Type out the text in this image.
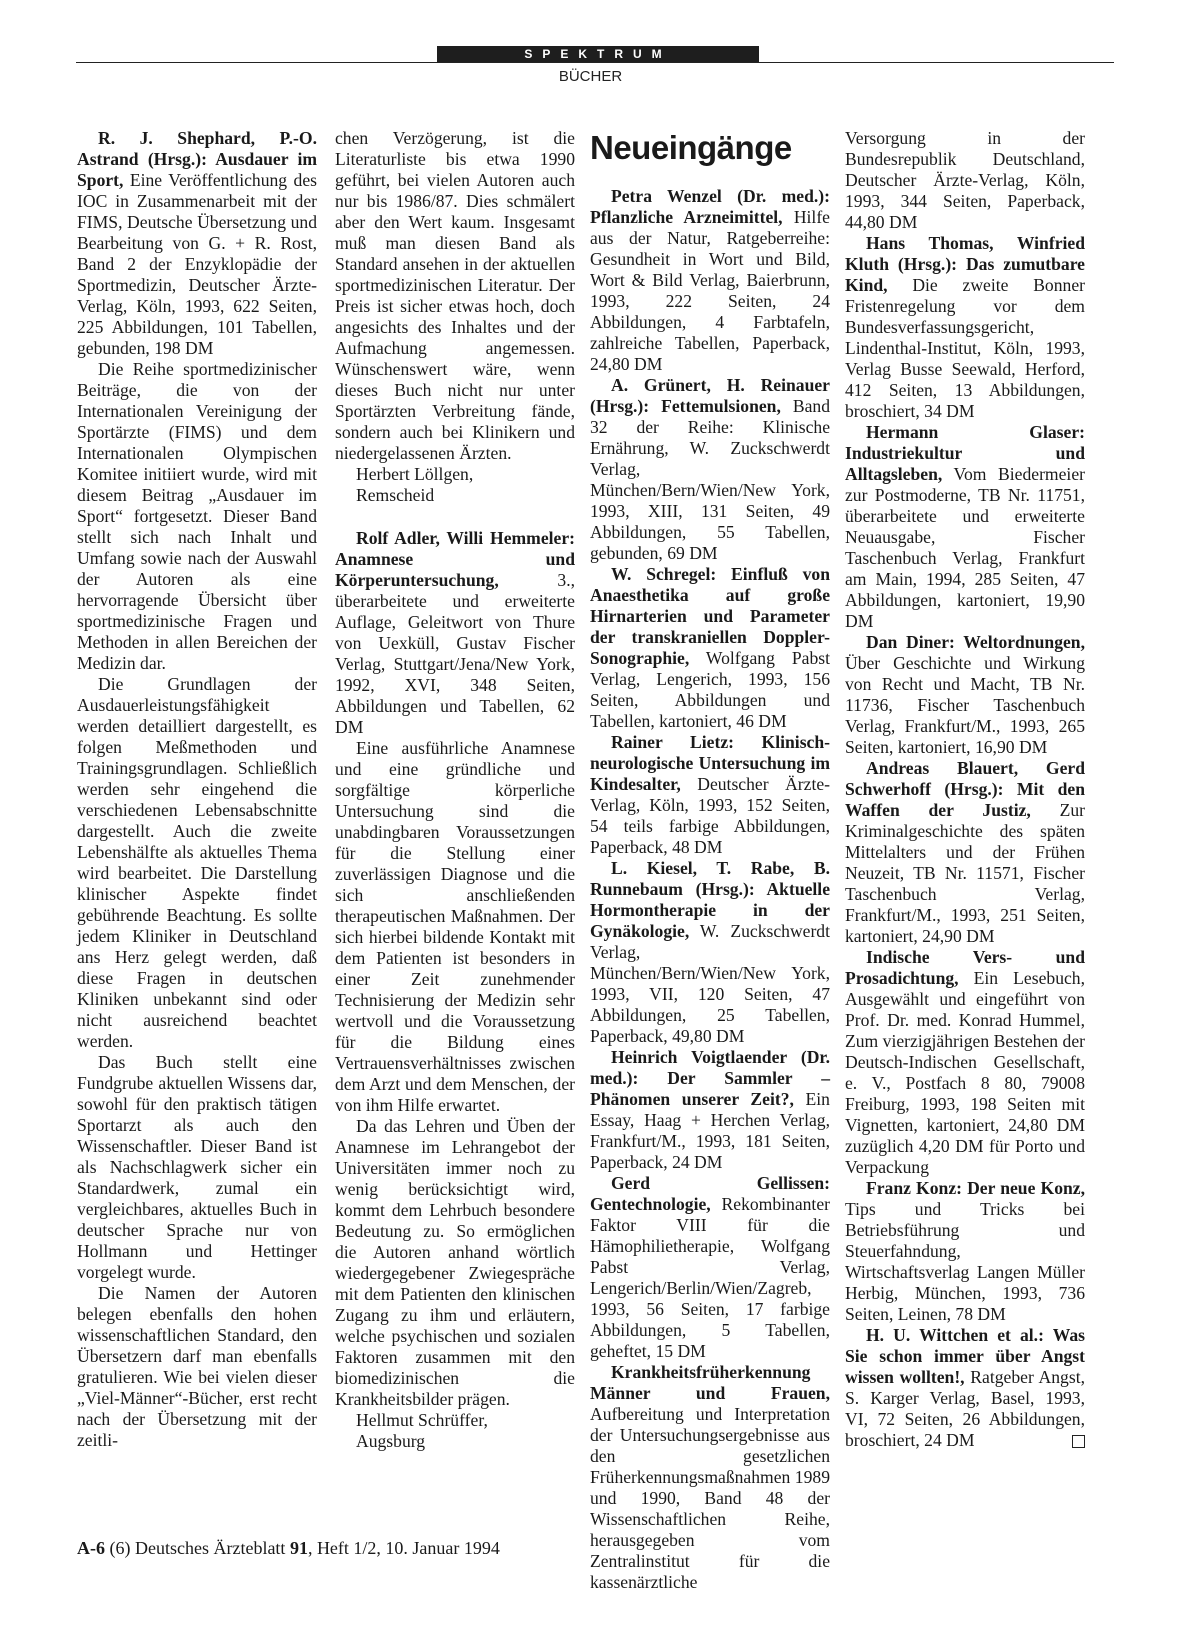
SPEKTRUM
BÜCHER

R. J. Shephard, P.-O. Astrand (Hrsg.): Ausdauer im Sport, Eine Veröffentlichung des IOC in Zusammenarbeit mit der FIMS, Deutsche Übersetzung und Bearbeitung von G. + R. Rost, Band 2 der Enzyklopädie der Sportmedizin, Deutscher Ärzte-Verlag, Köln, 1993, 622 Seiten, 225 Abbildungen, 101 Tabellen, gebunden, 198 DM

Die Reihe sportmedizinischer Beiträge, die von der Internationalen Vereinigung der Sportärzte (FIMS) und dem Internationalen Olympischen Komitee initiiert wurde, wird mit diesem Beitrag „Ausdauer im Sport“ fortgesetzt. Dieser Band stellt sich nach Inhalt und Umfang sowie nach der Auswahl der Autoren als eine hervorragende Übersicht über sportmedizinische Fragen und Methoden in allen Bereichen der Medizin dar.

Die Grundlagen der Ausdauerleistungsfähigkeit werden detailliert dargestellt, es folgen Meßmethoden und Trainingsgrundlagen. Schließlich werden sehr eingehend die verschiedenen Lebensabschnitte dargestellt. Auch die zweite Lebenshälfte als aktuelles Thema wird bearbeitet. Die Darstellung klinischer Aspekte findet gebührende Beachtung. Es sollte jedem Kliniker in Deutschland ans Herz gelegt werden, daß diese Fragen in deutschen Kliniken unbekannt sind oder nicht ausreichend beachtet werden.

Das Buch stellt eine Fundgrube aktuellen Wissens dar, sowohl für den praktisch tätigen Sportarzt als auch den Wissenschaftler. Dieser Band ist als Nachschlagwerk sicher ein Standardwerk, zumal ein vergleichbares, aktuelles Buch in deutscher Sprache nur von Hollmann und Hettinger vorgelegt wurde.

Die Namen der Autoren belegen ebenfalls den hohen wissenschaftlichen Standard, den Übersetzern darf man ebenfalls gratulieren. Wie bei vielen dieser „Viel-Männer“-Bücher, erst recht nach der Übersetzung mit der zeitli-

chen Verzögerung, ist die Literaturliste bis etwa 1990 geführt, bei vielen Autoren auch nur bis 1986/87. Dies schmälert aber den Wert kaum. Insgesamt muß man diesen Band als Standard ansehen in der aktuellen sportmedizinischen Literatur. Der Preis ist sicher etwas hoch, doch angesichts des Inhaltes und der Aufmachung angemessen. Wünschenswert wäre, wenn dieses Buch nicht nur unter Sportärzten Verbreitung fände, sondern auch bei Klinikern und niedergelassenen Ärzten.

Herbert Löllgen,

Remscheid

Rolf Adler, Willi Hemmeler: Anamnese und Körperuntersuchung, 3., überarbeitete und erweiterte Auflage, Geleitwort von Thure von Uexküll, Gustav Fischer Verlag, Stuttgart/Jena/New York, 1992, XVI, 348 Seiten, Abbildungen und Tabellen, 62 DM

Eine ausführliche Anamnese und eine gründliche und sorgfältige körperliche Untersuchung sind die unabdingbaren Voraussetzungen für die Stellung einer zuverlässigen Diagnose und die sich anschließenden therapeutischen Maßnahmen. Der sich hierbei bildende Kontakt mit dem Patienten ist besonders in einer Zeit zunehmender Technisierung der Medizin sehr wertvoll und die Voraussetzung für die Bildung eines Vertrauensverhältnisses zwischen dem Arzt und dem Menschen, der von ihm Hilfe erwartet.

Da das Lehren und Üben der Anamnese im Lehrangebot der Universitäten immer noch zu wenig berücksichtigt wird, kommt dem Lehrbuch besondere Bedeutung zu. So ermöglichen die Autoren anhand wörtlich wiedergegebener Zwiegespräche mit dem Patienten den klinischen Zugang zu ihm und erläutern, welche psychischen und sozialen Faktoren zusammen mit den biomedizinischen die Krankheitsbilder prägen.

Hellmut Schrüffer,

Augsburg

Neueingänge

Petra Wenzel (Dr. med.): Pflanzliche Arzneimittel, Hilfe aus der Natur, Ratgeberreihe: Gesundheit in Wort und Bild, Wort & Bild Verlag, Baierbrunn, 1993, 222 Seiten, 24 Abbildungen, 4 Farbtafeln, zahlreiche Tabellen, Paperback, 24,80 DM

A. Grünert, H. Reinauer (Hrsg.): Fettemulsionen, Band 32 der Reihe: Klinische Ernährung, W. Zuckschwerdt Verlag, München/Bern/Wien/New York, 1993, XIII, 131 Seiten, 49 Abbildungen, 55 Tabellen, gebunden, 69 DM

W. Schregel: Einfluß von Anaesthetika auf große Hirnarterien und Parameter der transkraniellen Doppler-Sonographie, Wolfgang Pabst Verlag, Lengerich, 1993, 156 Seiten, Abbildungen und Tabellen, kartoniert, 46 DM

Rainer Lietz: Klinisch-neurologische Untersuchung im Kindesalter, Deutscher Ärzte-Verlag, Köln, 1993, 152 Seiten, 54 teils farbige Abbildungen, Paperback, 48 DM

L. Kiesel, T. Rabe, B. Runnebaum (Hrsg.): Aktuelle Hormontherapie in der Gynäkologie, W. Zuckschwerdt Verlag, München/Bern/Wien/New York, 1993, VII, 120 Seiten, 47 Abbildungen, 25 Tabellen, Paperback, 49,80 DM

Heinrich Voigtlaender (Dr. med.): Der Sammler – Phänomen unserer Zeit?, Ein Essay, Haag + Herchen Verlag, Frankfurt/M., 1993, 181 Seiten, Paperback, 24 DM

Gerd Gellissen: Gentechnologie, Rekombinanter Faktor VIII für die Hämophilietherapie, Wolfgang Pabst Verlag, Lengerich/Berlin/Wien/Zagreb, 1993, 56 Seiten, 17 farbige Abbildungen, 5 Tabellen, geheftet, 15 DM

Krankheitsfrüherkennung Männer und Frauen, Aufbereitung und Interpretation der Untersuchungsergebnisse aus den gesetzlichen Früherkennungsmaßnahmen 1989 und 1990, Band 48 der Wissenschaftlichen Reihe, herausgegeben vom Zentralinstitut für die kassenärztliche

Versorgung in der Bundesrepublik Deutschland, Deutscher Ärzte-Verlag, Köln, 1993, 344 Seiten, Paperback, 44,80 DM

Hans Thomas, Winfried Kluth (Hrsg.): Das zumutbare Kind, Die zweite Bonner Fristenregelung vor dem Bundesverfassungsgericht, Lindenthal-Institut, Köln, 1993, Verlag Busse Seewald, Herford, 412 Seiten, 13 Abbildungen, broschiert, 34 DM

Hermann Glaser: Industriekultur und Alltagsleben, Vom Biedermeier zur Postmoderne, TB Nr. 11751, überarbeitete und erweiterte Neuausgabe, Fischer Taschenbuch Verlag, Frankfurt am Main, 1994, 285 Seiten, 47 Abbildungen, kartoniert, 19,90 DM

Dan Diner: Weltordnungen, Über Geschichte und Wirkung von Recht und Macht, TB Nr. 11736, Fischer Taschenbuch Verlag, Frankfurt/M., 1993, 265 Seiten, kartoniert, 16,90 DM

Andreas Blauert, Gerd Schwerhoff (Hrsg.): Mit den Waffen der Justiz, Zur Kriminalgeschichte des späten Mittelalters und der Frühen Neuzeit, TB Nr. 11571, Fischer Taschenbuch Verlag, Frankfurt/M., 1993, 251 Seiten, kartoniert, 24,90 DM

Indische Vers- und Prosadichtung, Ein Lesebuch, Ausgewählt und eingeführt von Prof. Dr. med. Konrad Hummel, Zum vierzigjährigen Bestehen der Deutsch-Indischen Gesellschaft, e. V., Postfach 8 80, 79008 Freiburg, 1993, 198 Seiten mit Vignetten, kartoniert, 24,80 DM zuzüglich 4,20 DM für Porto und Verpackung

Franz Konz: Der neue Konz, Tips und Tricks bei Betriebsführung und Steuerfahndung, Wirtschaftsverlag Langen Müller Herbig, München, 1993, 736 Seiten, Leinen, 78 DM

H. U. Wittchen et al.: Was Sie schon immer über Angst wissen wollten!, Ratgeber Angst, S. Karger Verlag, Basel, 1993, VI, 72 Seiten, 26 Abbildungen, broschiert, 24 DM

A-6 (6) Deutsches Ärzteblatt 91, Heft 1/2, 10. Januar 1994
